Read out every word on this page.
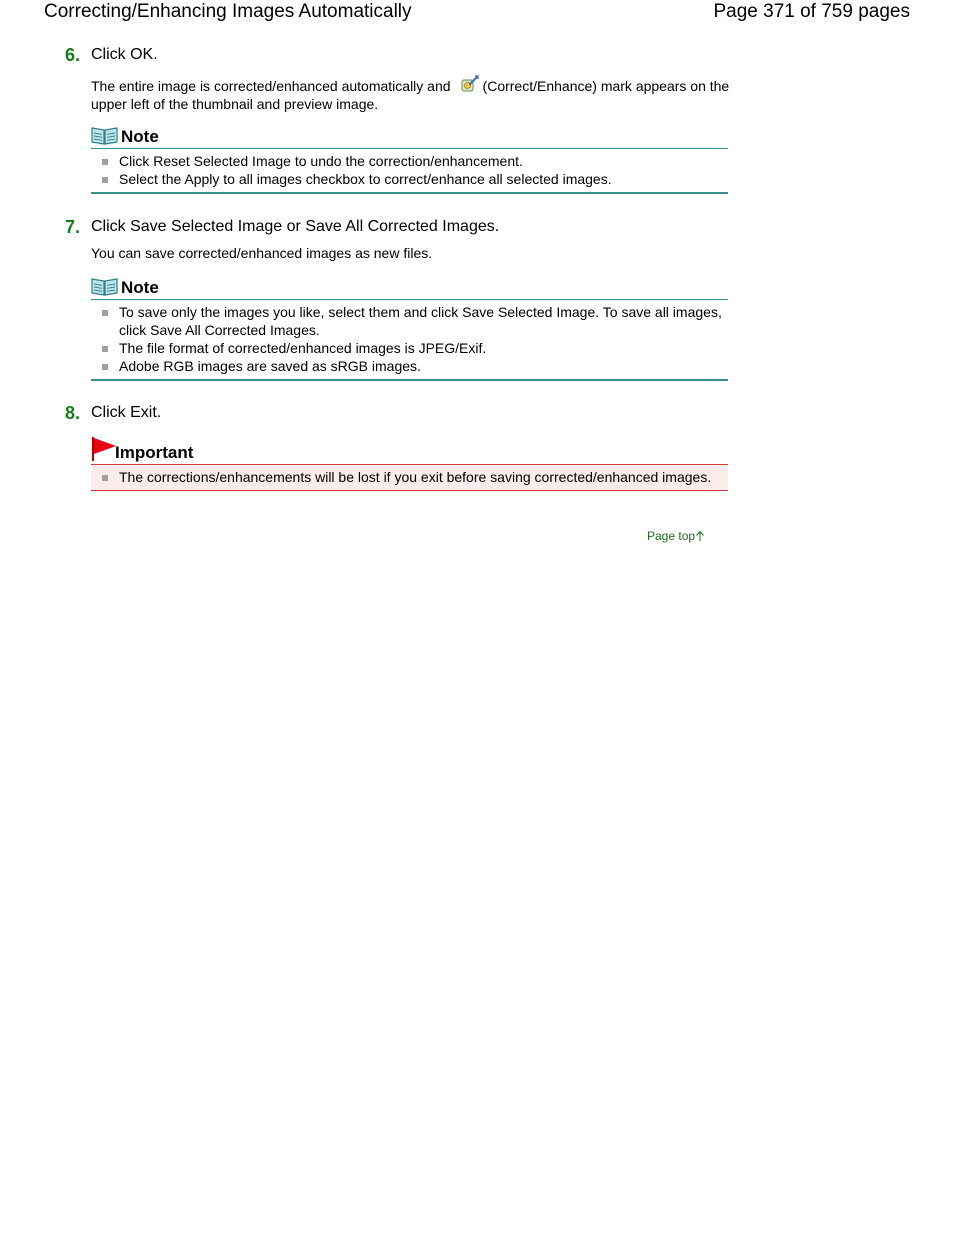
Correcting/Enhancing Images Automatically	Page 371 of 759 pages
6. Click OK.
The entire image is corrected/enhanced automatically and (Correct/Enhance) mark appears on the upper left of the thumbnail and preview image.
Note
Click Reset Selected Image to undo the correction/enhancement.
Select the Apply to all images checkbox to correct/enhance all selected images.
7. Click Save Selected Image or Save All Corrected Images.
You can save corrected/enhanced images as new files.
Note
To save only the images you like, select them and click Save Selected Image. To save all images, click Save All Corrected Images.
The file format of corrected/enhanced images is JPEG/Exif.
Adobe RGB images are saved as sRGB images.
8. Click Exit.
Important
The corrections/enhancements will be lost if you exit before saving corrected/enhanced images.
Page top
